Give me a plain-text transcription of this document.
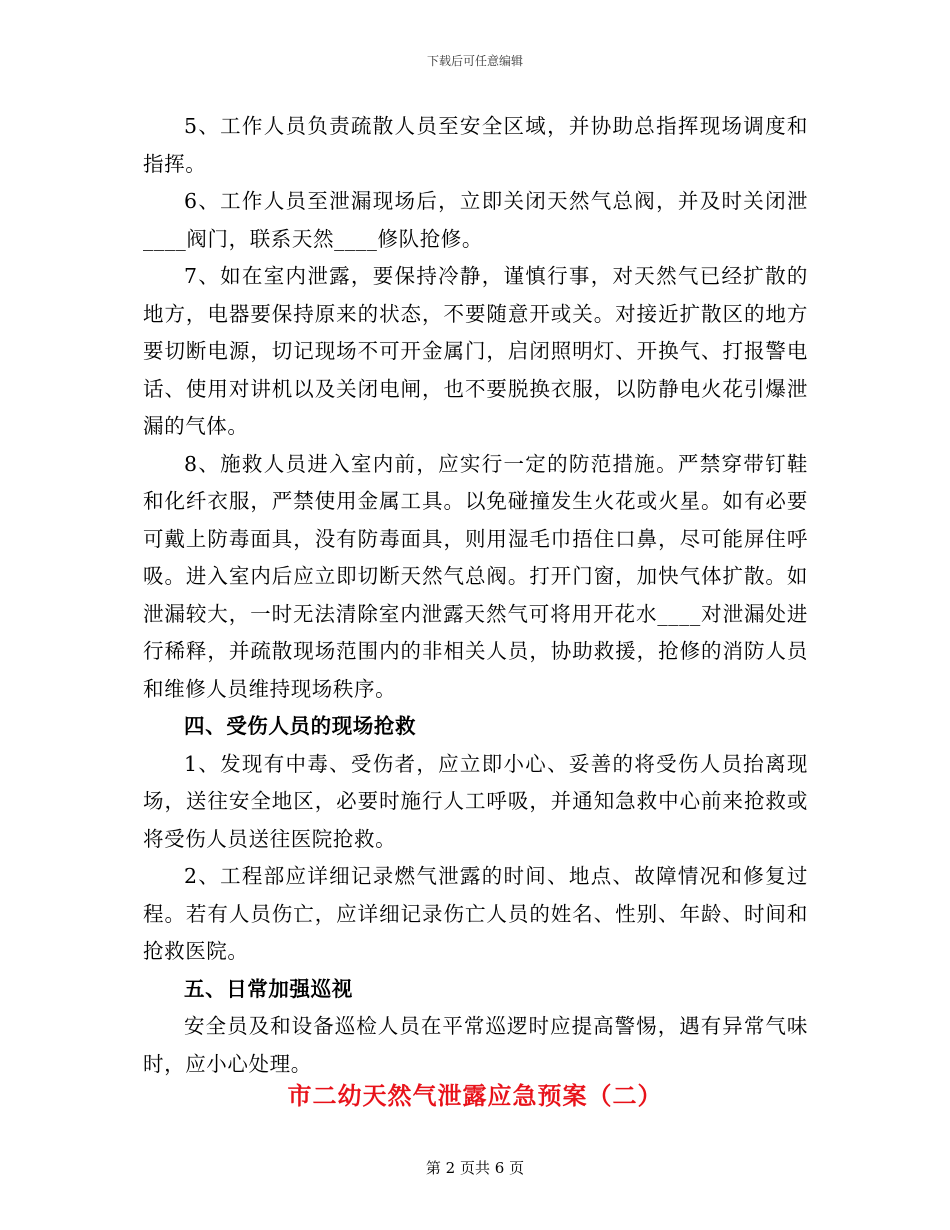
下载后可任意编辑

5、工作人员负责疏散人员至安全区域，并协助总指挥现场调度和指挥。

6、工作人员至泄漏现场后，立即关闭天然气总阀，并及时关闭泄____阀门，联系天然____修队抢修。

7、如在室内泄露，要保持冷静，谨慎行事，对天然气已经扩散的地方，电器要保持原来的状态，不要随意开或关。对接近扩散区的地方要切断电源，切记现场不可开金属门，启闭照明灯、开换气、打报警电话、使用对讲机以及关闭电闸，也不要脱换衣服，以防静电火花引爆泄漏的气体。

8、施救人员进入室内前，应实行一定的防范措施。严禁穿带钉鞋和化纤衣服，严禁使用金属工具。以免碰撞发生火花或火星。如有必要可戴上防毒面具，没有防毒面具，则用湿毛巾捂住口鼻，尽可能屏住呼吸。进入室内后应立即切断天然气总阀。打开门窗，加快气体扩散。如泄漏较大，一时无法清除室内泄露天然气可将用开花水____对泄漏处进行稀释，并疏散现场范围内的非相关人员，协助救援，抢修的消防人员和维修人员维持现场秩序。

四、受伤人员的现场抢救

1、发现有中毒、受伤者，应立即小心、妥善的将受伤人员抬离现场，送往安全地区，必要时施行人工呼吸，并通知急救中心前来抢救或将受伤人员送往医院抢救。

2、工程部应详细记录燃气泄露的时间、地点、故障情况和修复过程。若有人员伤亡，应详细记录伤亡人员的姓名、性别、年龄、时间和抢救医院。

五、日常加强巡视

安全员及和设备巡检人员在平常巡逻时应提高警惕，遇有异常气味时，应小心处理。

市二幼天然气泄露应急预案（二）
第 2 页共 6 页
